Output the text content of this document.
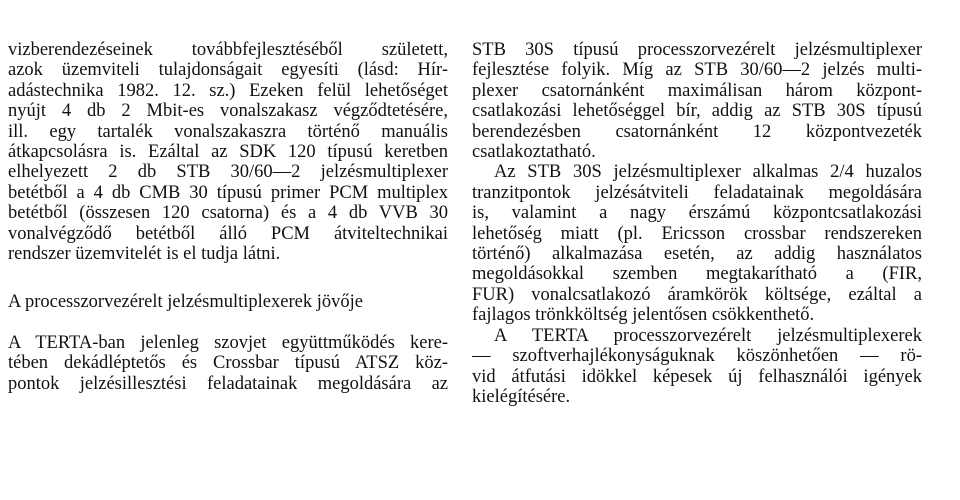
vizberendezéseinek továbbfejlesztéséből született,
azok üzemviteli tulajdonságait egyesíti (lásd: Hír-
adástechnika 1982. 12. sz.) Ezeken felül lehetőséget
nyújt 4 db 2 Mbit-es vonalszakasz végződtetésére,
ill. egy tartalék vonalszakaszra történő manuális
átkapcsolásra is. Ezáltal az SDK 120 típusú keretben
elhelyezett 2 db STB 30/60—2 jelzésmultiplexer
betétből a 4 db CMB 30 típusú primer PCM multiplex
betétből (összesen 120 csatorna) és a 4 db VVB 30
vonalvégződő betétből álló PCM átviteltechnikai
rendszer üzemvitelét is el tudja látni.
A processzorvezérelt jelzésmultiplexerek jövője
A TERTA-ban jelenleg szovjet együttműködés kere-
tében dekádléptetős és Crossbar típusú ATSZ köz-
pontok jelzésillesztési feladatainak megoldására az
STB 30S típusú processzorvezérelt jelzésmultiplexer
fejlesztése folyik. Míg az STB 30/60—2 jelzés multi-
plexer csatornánként maximálisan három központ-
csatlakozási lehetőséggel bír, addig az STB 30S típusú
berendezésben csatornánként 12 központvezeték
csatlakoztatható.
Az STB 30S jelzésmultiplexer alkalmas 2/4 huzalos
tranzitpontok jelzésátviteli feladatainak megoldására
is, valamint a nagy érszámú központcsatlakozási
lehetőség miatt (pl. Ericsson crossbar rendszereken
történő) alkalmazása esetén, az addig használatos
megoldásokkal szemben megtakarítható a (FIR,
FUR) vonalcsatlakozó áramkörök költsége, ezáltal a
fajlagos trönkköltség jelentősen csökkenthető.
A TERTA processzorvezérelt jelzésmultiplexerek
— szoftverhajlékonyságuknak köszönhetően — rö-
vid átfutási idökkel képesek új felhasználói igények
kielégítésére.
